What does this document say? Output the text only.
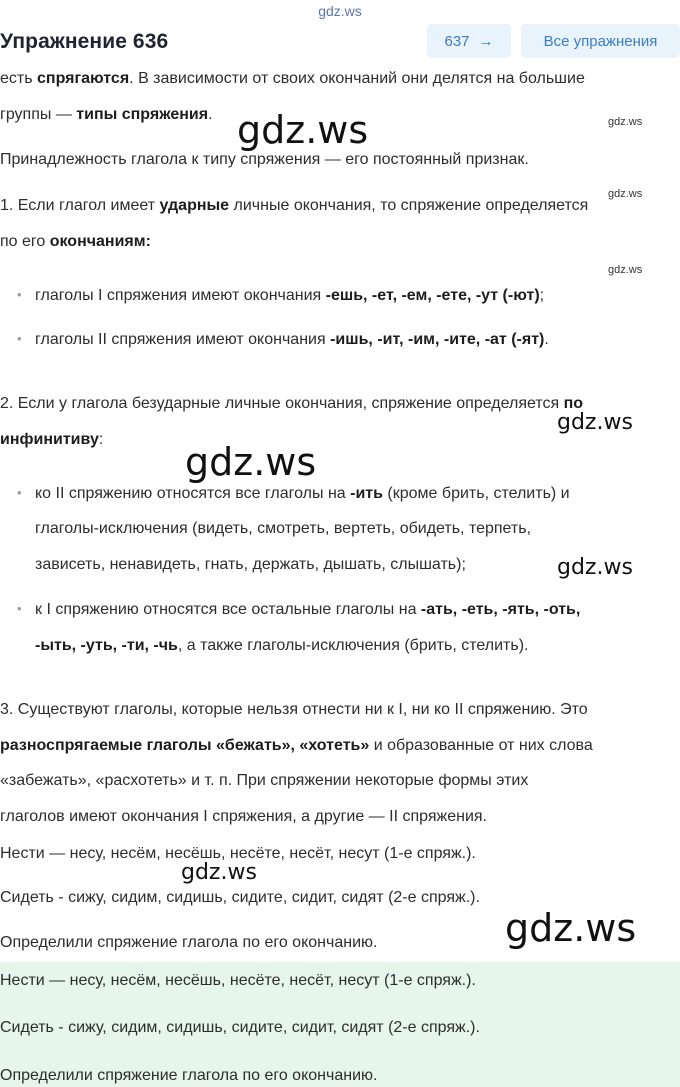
gdz.ws
Упражнение 636	637 →	Все упражнения
есть спрягаются. В зависимости от своих окончаний они делятся на большие
группы — типы спряжения.
Принадлежность глагола к типу спряжения — его постоянный признак.
1. Если глагол имеет ударные личные окончания, то спряжение определяется
по его окончаниям:
• глаголы I спряжения имеют окончания -ешь, -ет, -ем, -ете, -ут (-ют);
• глаголы II спряжения имеют окончания -ишь, -ит, -им, -ите, -ат (-ят).
2. Если у глагола безударные личные окончания, спряжение определяется по
инфинитиву:
• ко II спряжению относятся все глаголы на -ить (кроме брить, стелить) и
глаголы-исключения (видеть, смотреть, вертеть, обидеть, терпеть,
зависеть, ненавидеть, гнать, держать, дышать, слышать);
• к I спряжению относятся все остальные глаголы на -ать, -еть, -ять, -оть,
-ыть, -уть, -ти, -чь, а также глаголы-исключения (брить, стелить).
3. Существуют глаголы, которые нельзя отнести ни к I, ни ко II спряжению. Это
разноспрягаемые глаголы «бежать», «хотеть» и образованные от них слова
«забежать», «расхотеть» и т. п. При спряжении некоторые формы этих
глаголов имеют окончания I спряжения, а другие — II спряжения.
Нести — несу, несём, несёшь, несёте, несёт, несут (1-е спряж.).
Сидеть - сижу, сидим, сидишь, сидите, сидит, сидят (2-е спряж.).
Определили спряжение глагола по его окончанию.
Нести — несу, несём, несёшь, несёте, несёт, несут (1-е спряж.).
Сидеть - сижу, сидим, сидишь, сидите, сидит, сидят (2-е спряж.).
Определили спряжение глагола по его окончанию.
gdz.ws	gdz.ws
gdz.ws
gdz.ws
gdz.ws
gdz.ws
gdz.ws
gdz.ws
gdz.ws
